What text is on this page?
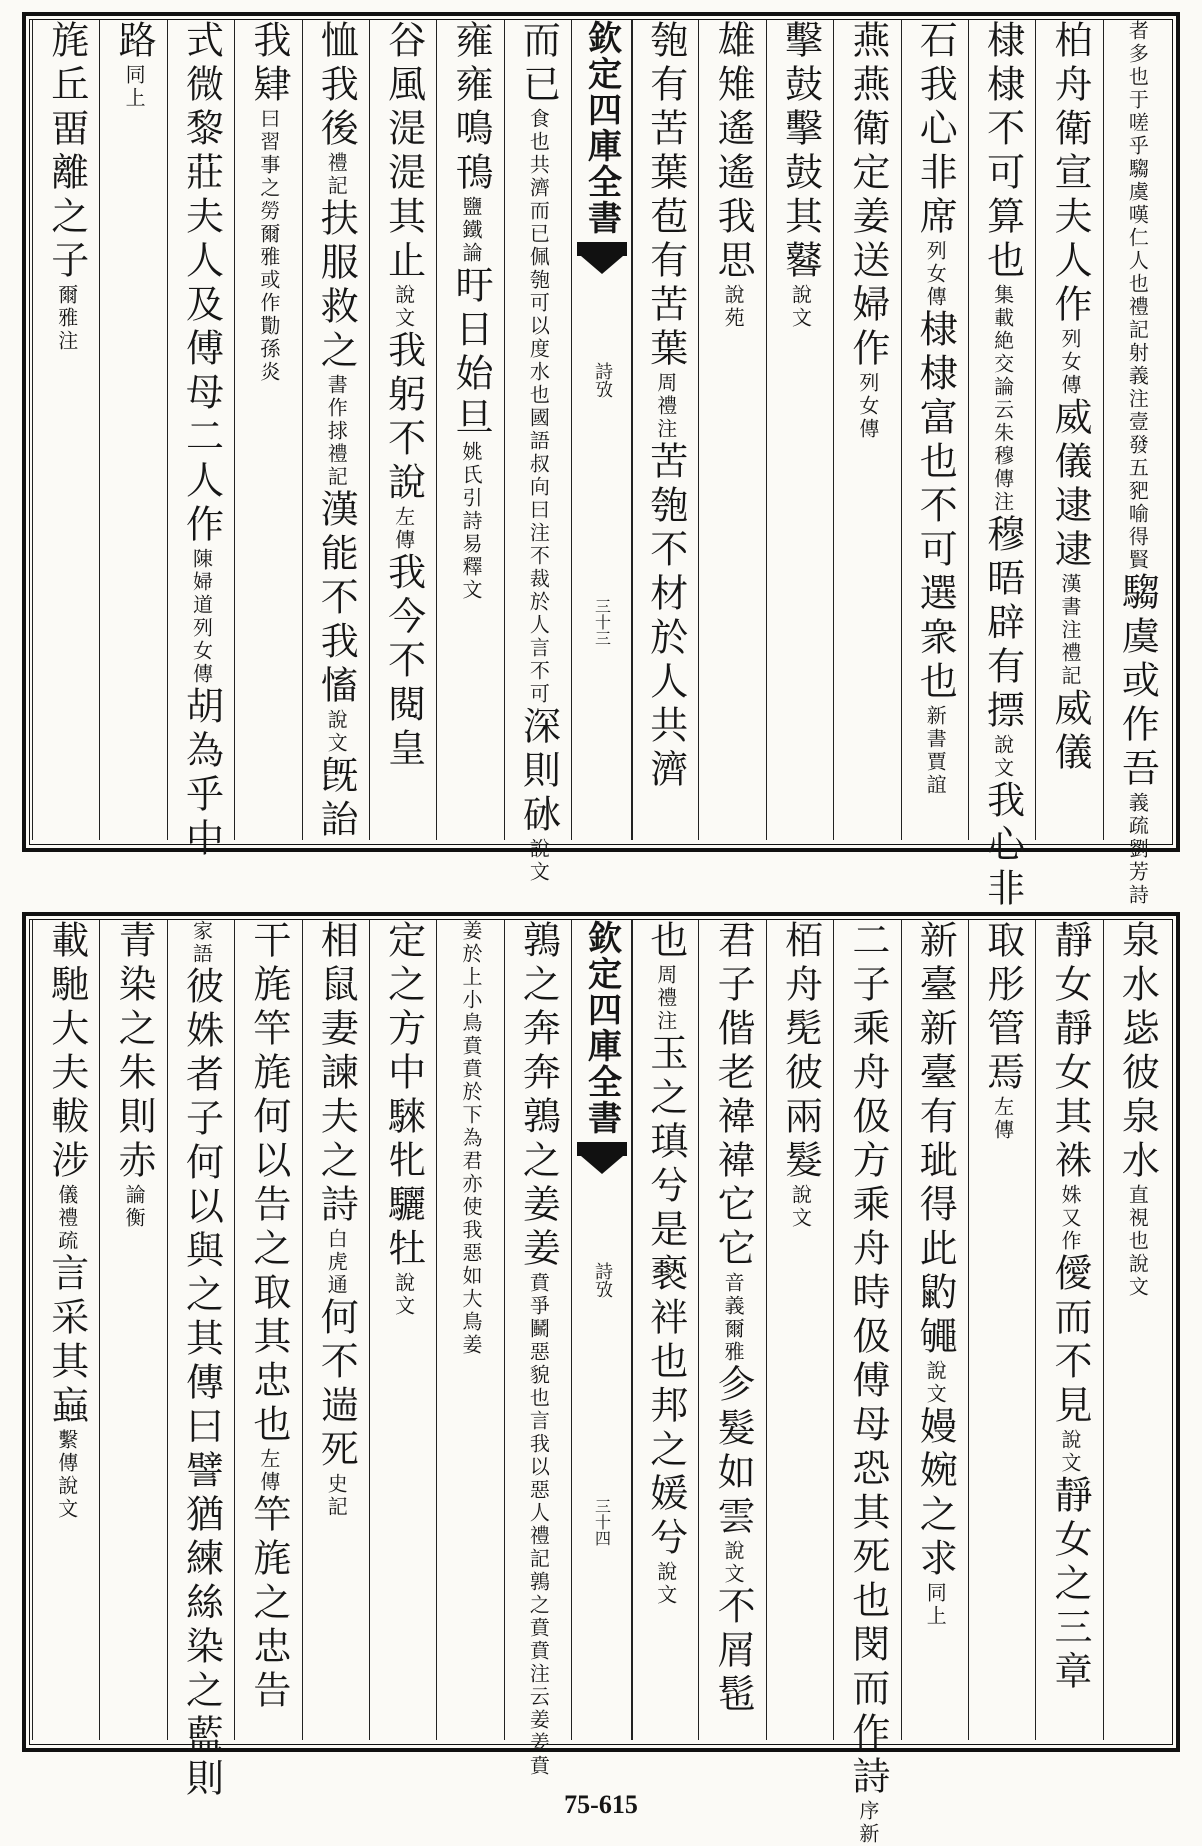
禮記射義注壹發五豝喻得賢
者多也于嗟乎騶虞嘆仁人也
騶虞或作吾
劉芳詩
義疏
柏舟衛宣夫人作
列女傳
威儀逮逮
禮記
漢書注
威儀
棣棣不可算也
朱穆傳注
集載絶交論云
穆晤辟有摽
說文
我心非
石我心非席
列女傳
棣棣富也不可選衆也
賈誼
新書
燕燕衛定姜送婦作
列女傳
擊鼓擊鼓其鼛
說文
雄雉遙遙我思
說苑
匏有苦葉苞有苦葉
周禮注
苦匏不材於人共濟
欽定四庫全書
詩攷
三十三
而已
國語叔向曰注不裁於人言不可
食也共濟而已佩匏可以度水也
深則砅
說文
雍雍鳴鳱
鹽鐵論
旴日始旦
易釋文
姚氏引詩
谷風湜湜其止
說文
我躬不說
左傳
我今不閱皇
恤我後
禮記
扶服救之
禮記
書作捄
漢能不我慉
說文
旣詒
我肄
爾雅或作勩孫炎
曰習事之勞
式微黎莊夫人及傅母二人作
列女傳
陳婦道
胡為乎中
路
同上
旄丘畱離之子
爾雅注
泉水毖彼泉水
說文
直視也
靜女靜女其袾
又作
姝
僾而不見
說文
靜女之三章
取彤管焉
左傳
新臺新臺有玼得此䶂䵶
說文
嫚婉之求
同上
二子乘舟伋方乘舟時伋傅母恐其死也閔而作詩
新
序
栢舟髧彼兩髮
說文
君子偕老褘褘它它
爾雅
音義
㐱髮如雲
說文
不屑髢
也
周禮注
玉之瑱兮是褻袢也邦之媛兮
說文
欽定四庫全書
詩攷
三十四
鶉之奔奔鶉之姜姜
禮記鶉之賁賁注云姜姜賁
賁爭鬭惡貌也言我以惡人
為君亦使我惡如大鳥姜
姜於上小鳥賁賁於下
定之方中騋牝驪牡
說文
相鼠妻諫夫之詩
白虎通
何不遄死
史記
干旄竿旄何以告之取其忠也
左傳
竿旄之忠告
家語
彼姝者子何以與之其傳曰譬猶練絲染之藍則
青染之朱則赤
論衡
載馳大夫軷涉
儀禮疏
言采其蝱
說文
繫傳
75-615
